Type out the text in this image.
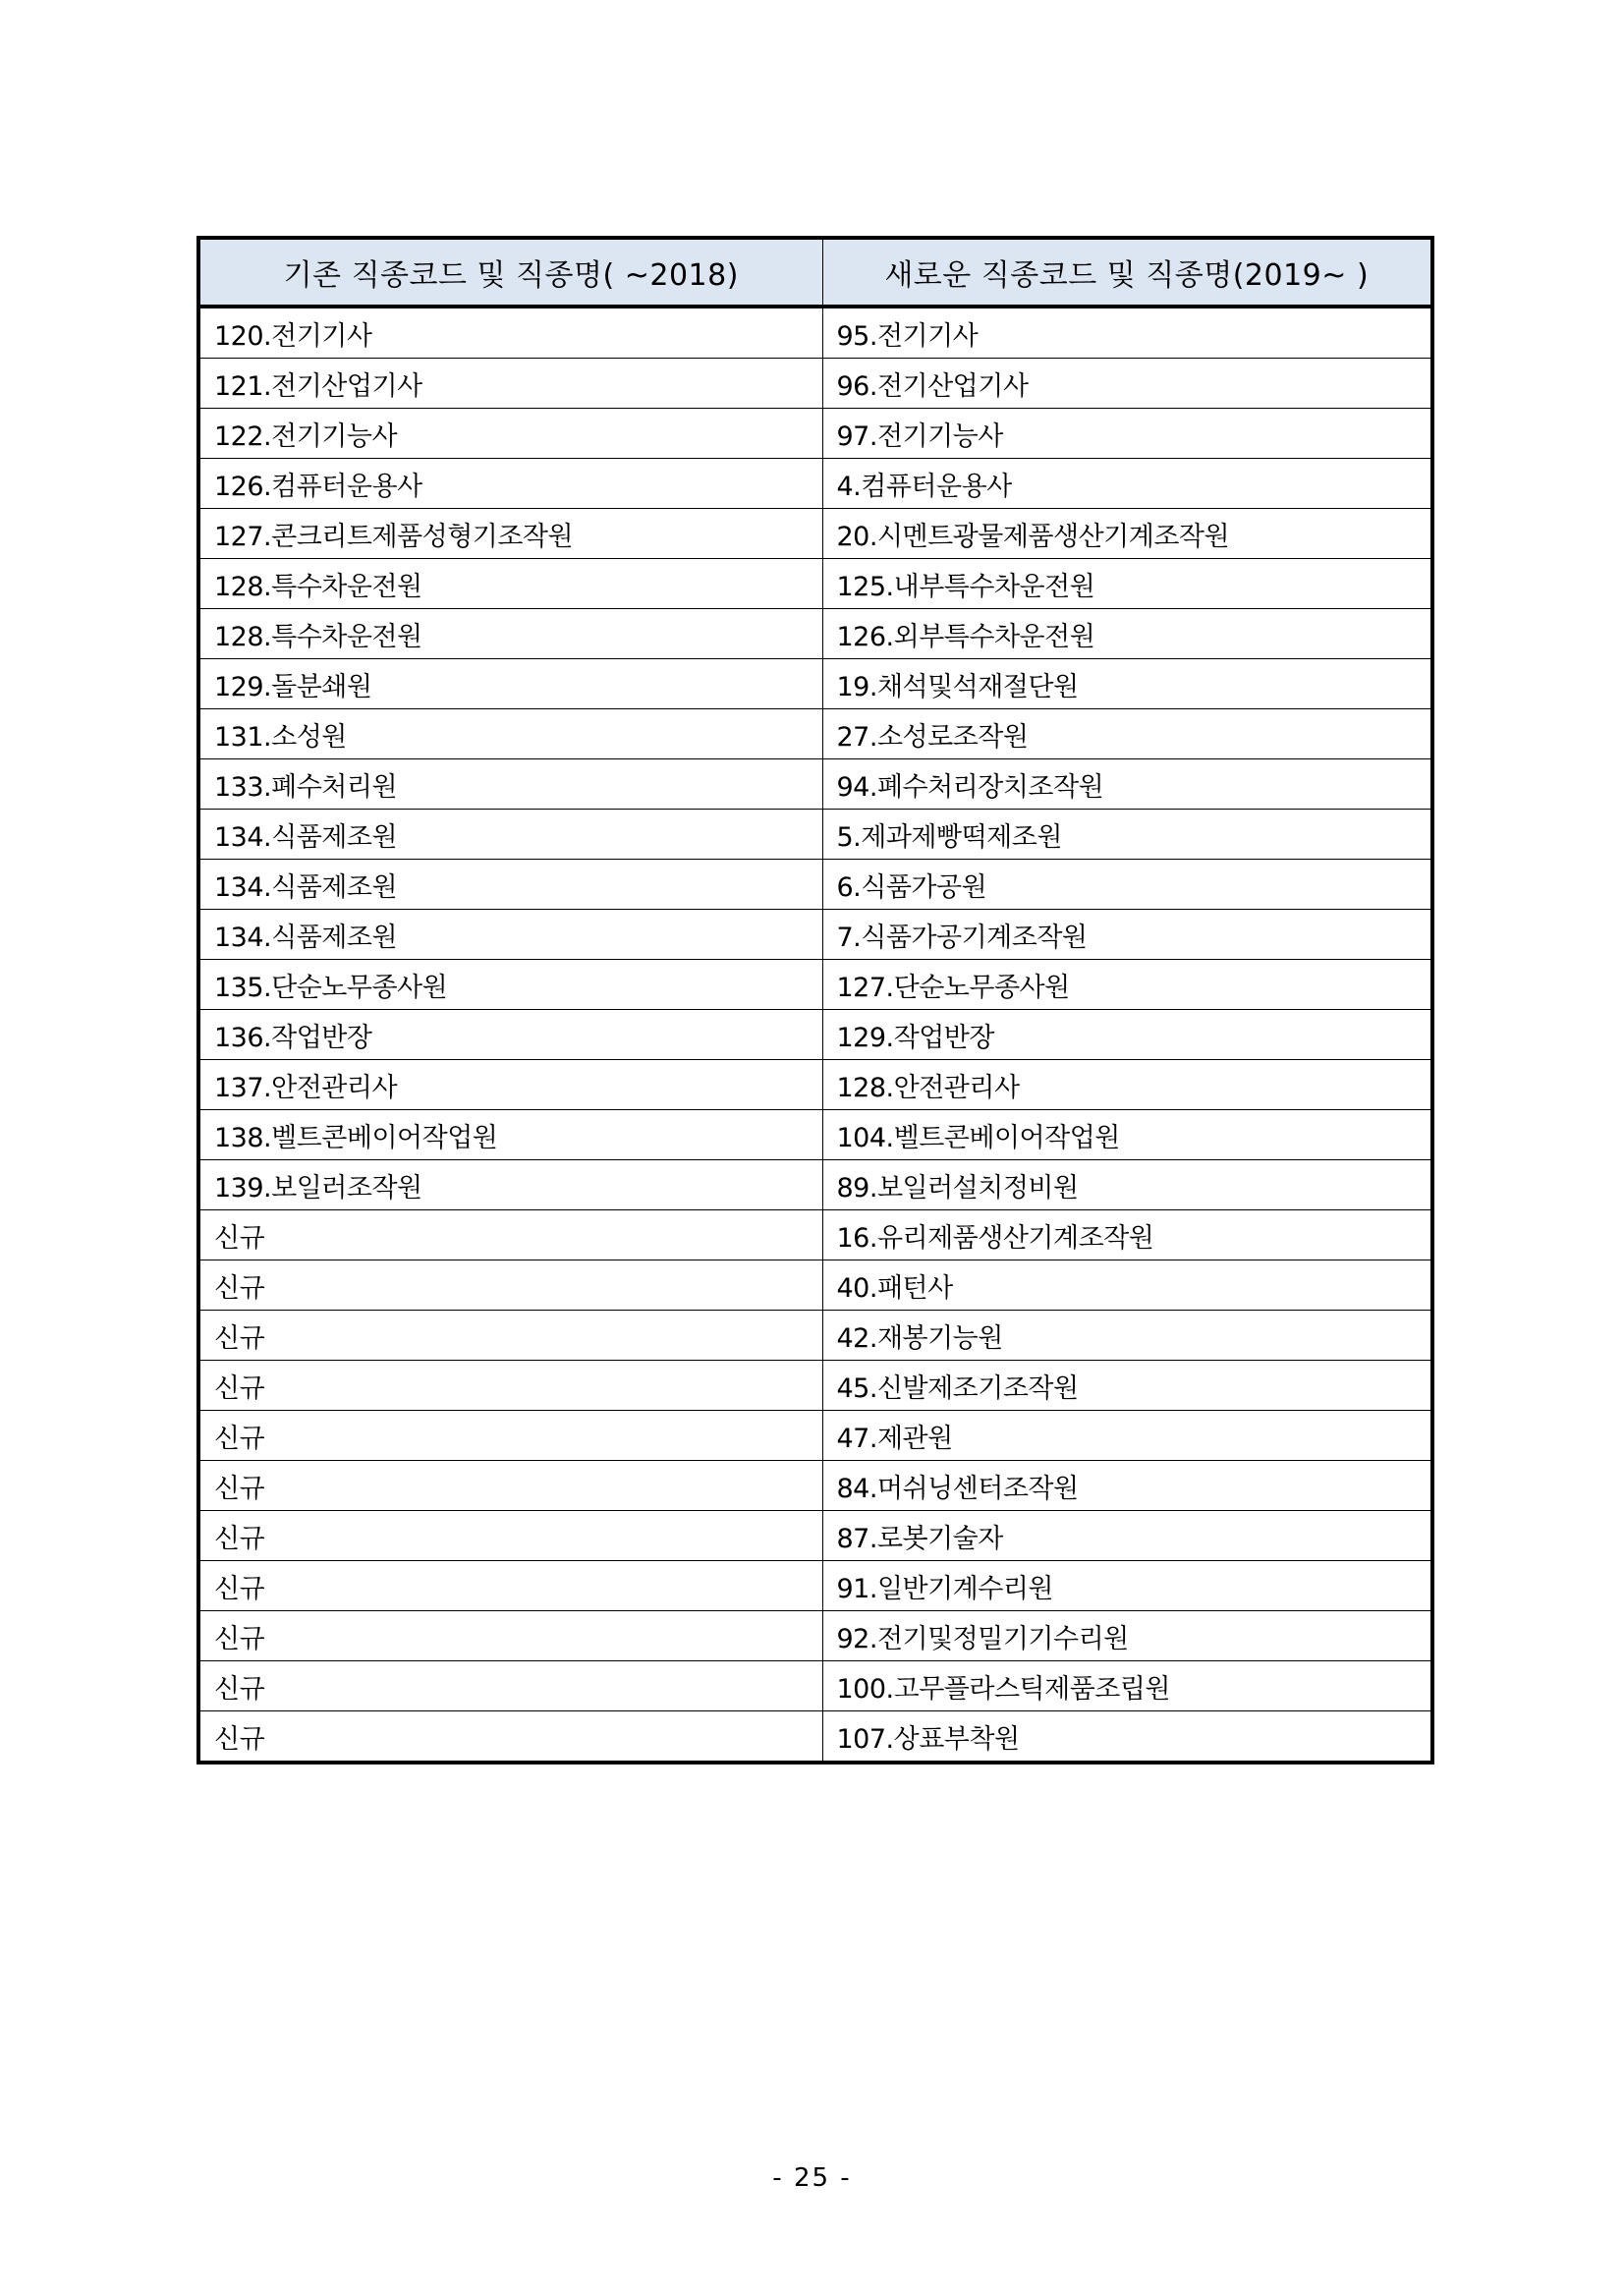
기존 직종코드 및 직종명( ~2018)	새로운 직종코드 및 직종명(2019~ )
120.전기기사	95.전기기사
121.전기산업기사	96.전기산업기사
122.전기기능사	97.전기기능사
126.컴퓨터운용사	4.컴퓨터운용사
127.콘크리트제품성형기조작원	20.시멘트광물제품생산기계조작원
128.특수차운전원	125.내부특수차운전원
128.특수차운전원	126.외부특수차운전원
129.돌분쇄원	19.채석및석재절단원
131.소성원	27.소성로조작원
133.폐수처리원	94.폐수처리장치조작원
134.식품제조원	5.제과제빵떡제조원
134.식품제조원	6.식품가공원
134.식품제조원	7.식품가공기계조작원
135.단순노무종사원	127.단순노무종사원
136.작업반장	129.작업반장
137.안전관리사	128.안전관리사
138.벨트콘베이어작업원	104.벨트콘베이어작업원
139.보일러조작원	89.보일러설치정비원
신규	16.유리제품생산기계조작원
신규	40.패턴사
신규	42.재봉기능원
신규	45.신발제조기조작원
신규	47.제관원
신규	84.머쉬닝센터조작원
신규	87.로봇기술자
신규	91.일반기계수리원
신규	92.전기및정밀기기수리원
신규	100.고무플라스틱제품조립원
신규	107.상표부착원
- 25 -
